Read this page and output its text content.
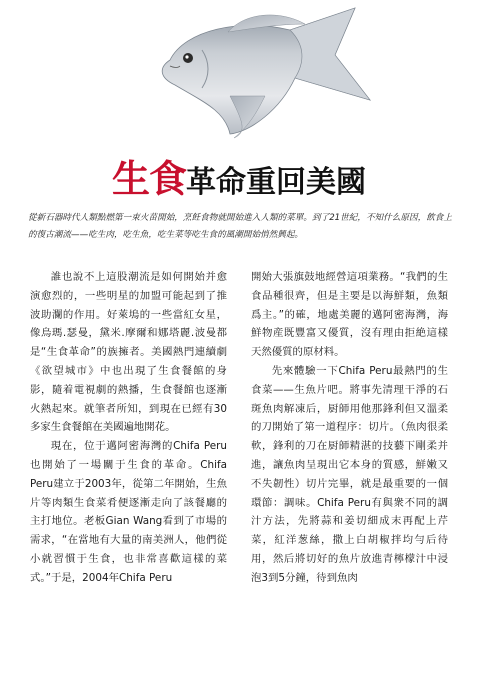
生食革命重回美國
從新石器時代人類點燃第一束火苗開始，烹飪食物就開始進入人類的菜單。到了21世紀，不知什么原因，飲食上的復古潮流——吃生肉，吃生魚，吃生菜等吃生食的風潮開始悄然興起。

誰也說不上這股潮流是如何開始并愈演愈烈的，一些明星的加盟可能起到了推波助瀾的作用。好萊塢的一些當紅女星，像烏瑪.瑟曼，黛米.摩爾和娜塔麗.波曼都是“生食革命”的族擁者。美國熱門連續劇《欲望城市》中也出現了生食餐館的身影，隨着電視劇的熱播，生食餐館也逐漸火熱起來。就筆者所知，到現在已經有30多家生食餐館在美國遍地開花。

現在，位于邁阿密海灣的Chifa Peru也開始了一場關于生食的革命。Chifa Peru建立于2003年，從第二年開始，生魚片等肉類生食菜肴便逐漸走向了該餐廳的主打地位。老板Gian Wang看到了市場的需求，“在當地有大量的南美洲人，他們從小就習慣于生食，也非常喜歡這樣的菜式。”于是，2004年Chifa Peru

開始大張旗鼓地經營這項業務。“我們的生食品種很齊，但是主要是以海鮮類，魚類爲主。”的確，地處美麗的邁阿密海灣，海鮮物産既豐富又優質，沒有理由拒絶這樣天然優質的原材料。

先來體驗一下Chifa Peru最熱門的生食菜——生魚片吧。將事先清理干淨的石斑魚肉解凍后，厨師用他那鋒利但又溫柔的刀開始了第一道程序：切片。（魚肉很柔軟，鋒利的刀在厨師精湛的技藝下剛柔并進，讓魚肉呈現出它本身的質感，鮮嫩又不失韌性）切片完畢，就是最重要的一個環節：調味。Chifa Peru有與衆不同的調汁方法，先將蒜和姜切細成末再配上芹菜，紅洋葱絲，撒上白胡椒拌均勻后待用，然后將切好的魚片放進青檸檬汁中浸泡3到5分鐘，待到魚肉
